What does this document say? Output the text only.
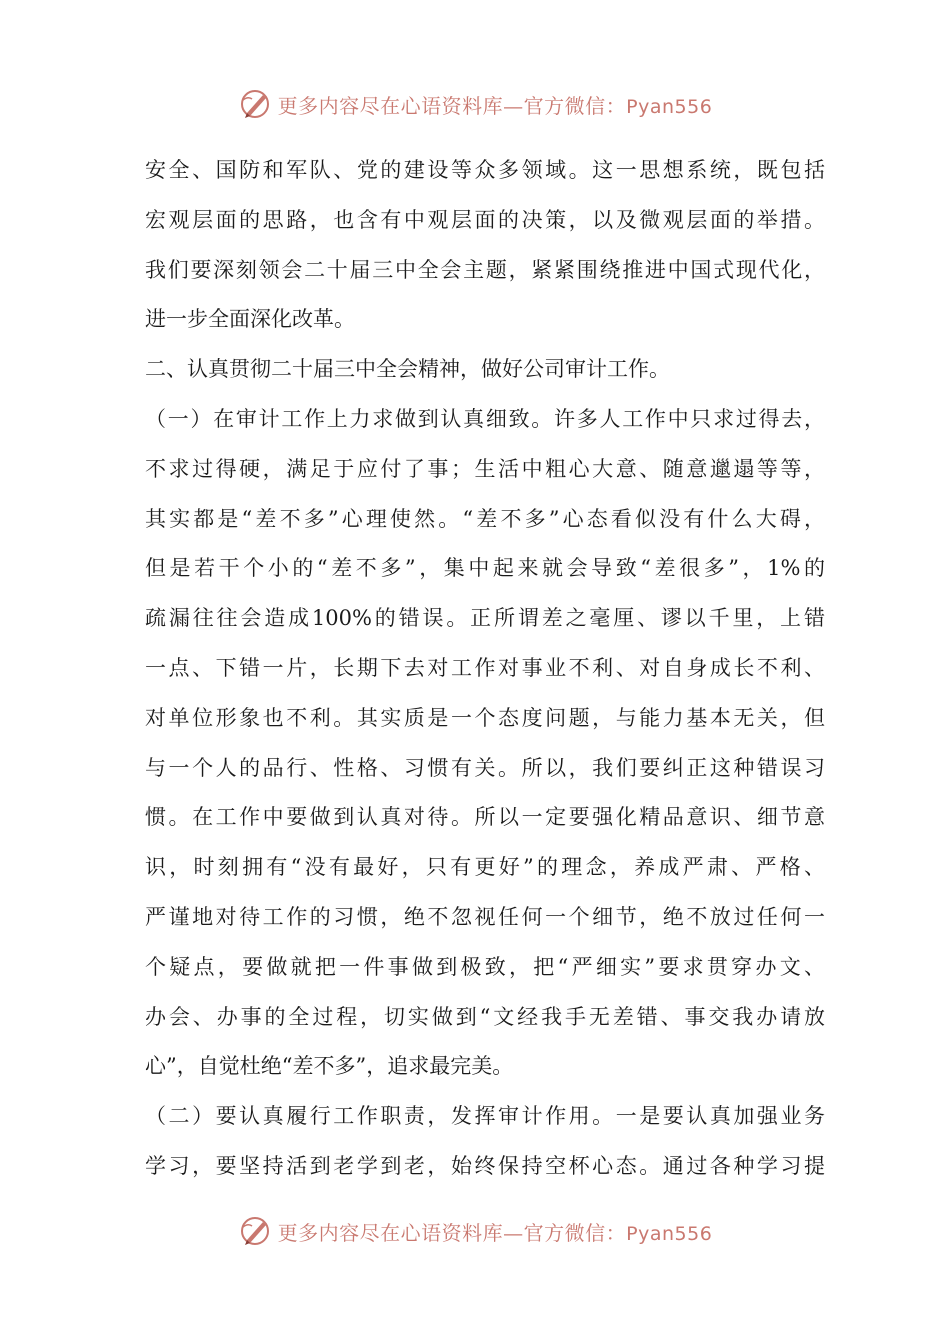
更多内容尽在心语资料库—官方微信：Pyan556
安全、国防和军队、党的建设等众多领域。这一思想系统，既包括
宏观层面的思路，也含有中观层面的决策，以及微观层面的举措。
我们要深刻领会二十届三中全会主题，紧紧围绕推进中国式现代化，
进一步全面深化改革。
二、认真贯彻二十届三中全会精神，做好公司审计工作。
（一）在审计工作上力求做到认真细致。许多人工作中只求过得去，
不求过得硬，满足于应付了事；生活中粗心大意、随意邋遢等等，
其实都是“差不多”心理使然。“差不多”心态看似没有什么大碍，
但是若干个小的“差不多”，集中起来就会导致“差很多”，1%的
疏漏往往会造成100%的错误。正所谓差之毫厘、谬以千里，上错
一点、下错一片，长期下去对工作对事业不利、对自身成长不利、
对单位形象也不利。其实质是一个态度问题，与能力基本无关，但
与一个人的品行、性格、习惯有关。所以，我们要纠正这种错误习
惯。在工作中要做到认真对待。所以一定要强化精品意识、细节意
识，时刻拥有“没有最好，只有更好”的理念，养成严肃、严格、
严谨地对待工作的习惯，绝不忽视任何一个细节，绝不放过任何一
个疑点，要做就把一件事做到极致，把“严细实”要求贯穿办文、
办会、办事的全过程，切实做到“文经我手无差错、事交我办请放
心”，自觉杜绝“差不多”，追求最完美。
（二）要认真履行工作职责，发挥审计作用。一是要认真加强业务
学习，要坚持活到老学到老，始终保持空杯心态。通过各种学习提
更多内容尽在心语资料库—官方微信：Pyan556
